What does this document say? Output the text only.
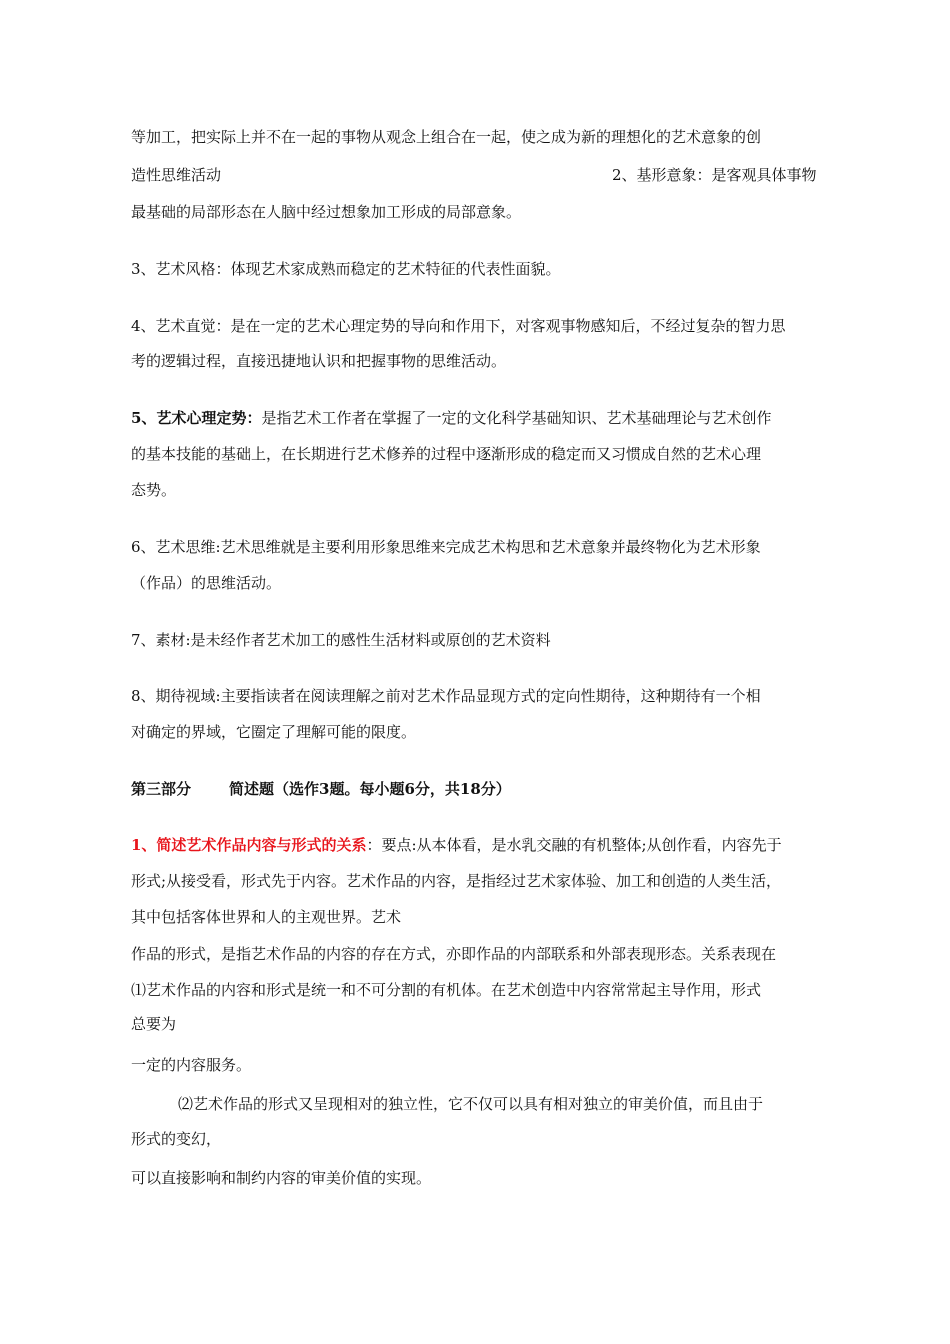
等加工，把实际上并不在一起的事物从观念上组合在一起，使之成为新的理想化的艺术意象的创
造性思维活动	2、基形意象：是客观具体事物
最基础的局部形态在人脑中经过想象加工形成的局部意象。
3、艺术风格：体现艺术家成熟而稳定的艺术特征的代表性面貌。
4、艺术直觉：是在一定的艺术心理定势的导向和作用下，对客观事物感知后，不经过复杂的智力思
考的逻辑过程，直接迅捷地认识和把握事物的思维活动。
5、艺术心理定势：是指艺术工作者在掌握了一定的文化科学基础知识、艺术基础理论与艺术创作
的基本技能的基础上，在长期进行艺术修养的过程中逐渐形成的稳定而又习惯成自然的艺术心理
态势。
6、艺术思维:艺术思维就是主要利用形象思维来完成艺术构思和艺术意象并最终物化为艺术形象
（作品）的思维活动。
7、素材:是未经作者艺术加工的感性生活材料或原创的艺术资料
8、期待视域:主要指读者在阅读理解之前对艺术作品显现方式的定向性期待，这种期待有一个相
对确定的界域，它圈定了理解可能的限度。
第三部分	简述题（选作3题。每小题6分，共18分）
1、简述艺术作品内容与形式的关系：要点:从本体看，是水乳交融的有机整体;从创作看，内容先于
形式;从接受看，形式先于内容。艺术作品的内容，是指经过艺术家体验、加工和创造的人类生活，
其中包括客体世界和人的主观世界。艺术
作品的形式，是指艺术作品的内容的存在方式，亦即作品的内部联系和外部表现形态。关系表现在
⑴艺术作品的内容和形式是统一和不可分割的有机体。在艺术创造中内容常常起主导作用，形式
总要为
一定的内容服务。
⑵艺术作品的形式又呈现相对的独立性，它不仅可以具有相对独立的审美价值，而且由于
形式的变幻，
可以直接影响和制约内容的审美价值的实现。
